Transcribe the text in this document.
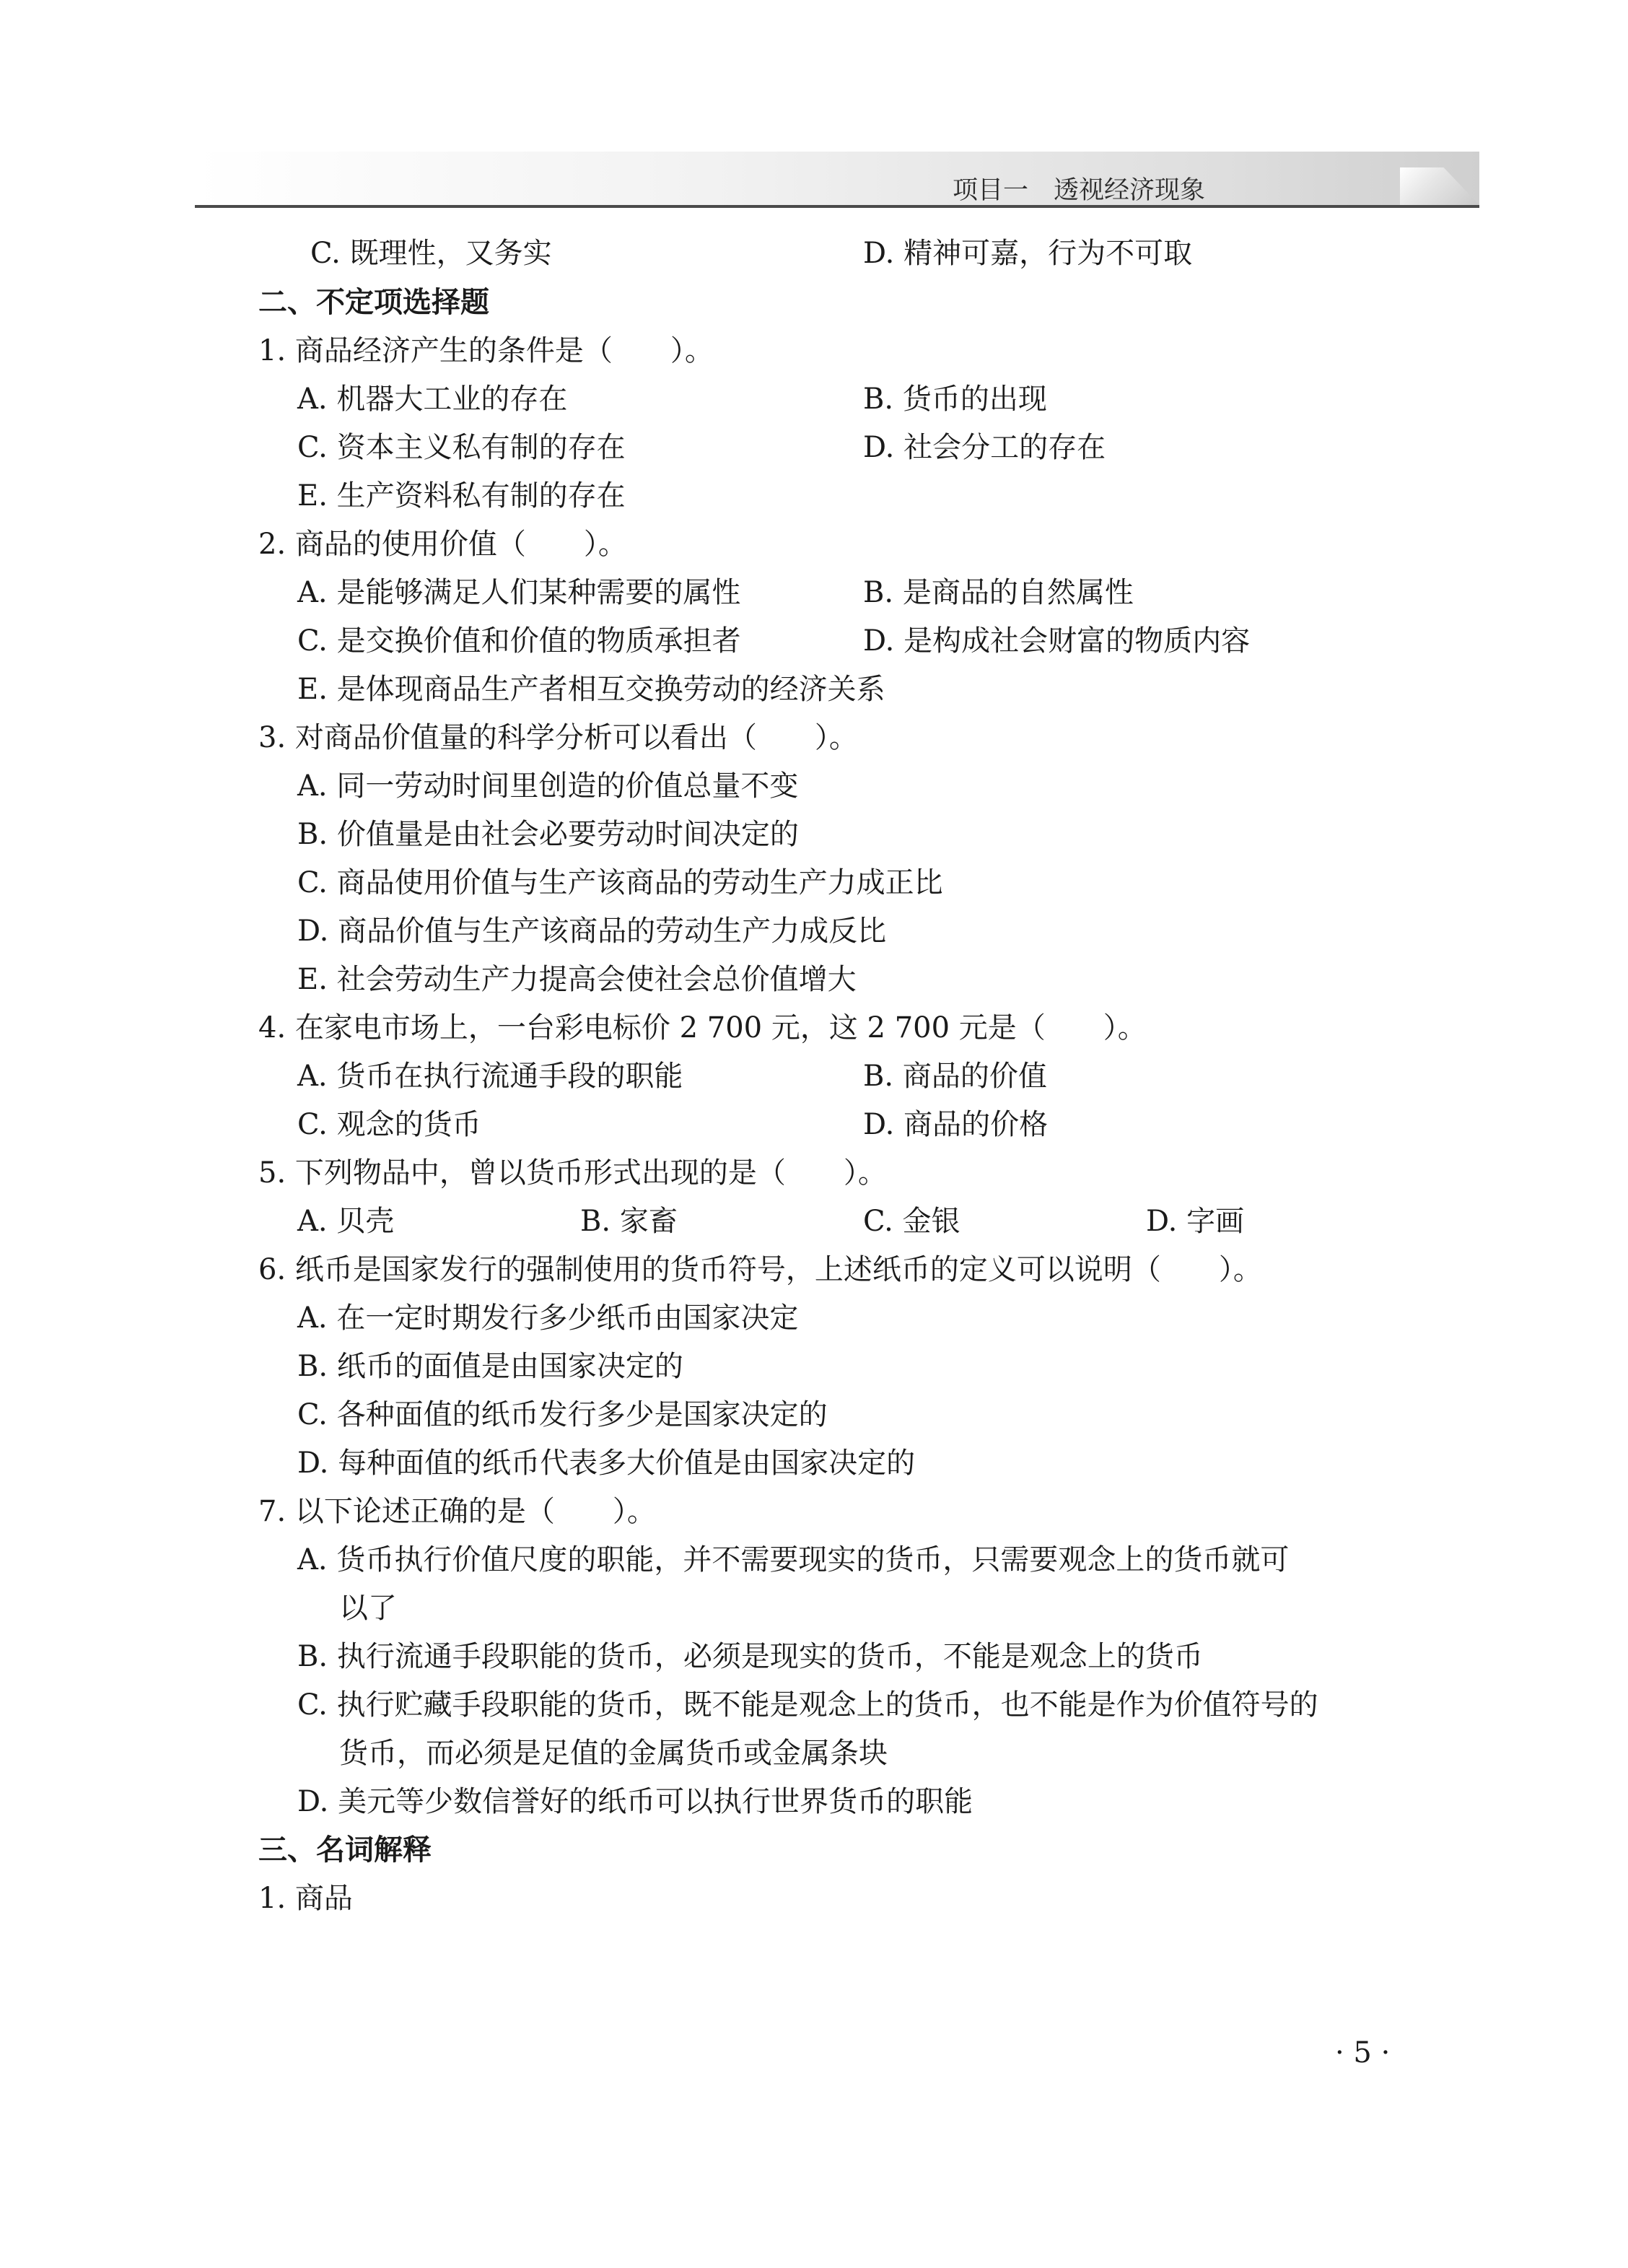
项目一　透视经济现象
C. 既理性，又务实	D. 精神可嘉，行为不可取
二、不定项选择题
1. 商品经济产生的条件是（　　）。
A. 机器大工业的存在	B. 货币的出现
C. 资本主义私有制的存在	D. 社会分工的存在
E. 生产资料私有制的存在
2. 商品的使用价值（　　）。
A. 是能够满足人们某种需要的属性	B. 是商品的自然属性
C. 是交换价值和价值的物质承担者	D. 是构成社会财富的物质内容
E. 是体现商品生产者相互交换劳动的经济关系
3. 对商品价值量的科学分析可以看出（　　）。
A. 同一劳动时间里创造的价值总量不变
B. 价值量是由社会必要劳动时间决定的
C. 商品使用价值与生产该商品的劳动生产力成正比
D. 商品价值与生产该商品的劳动生产力成反比
E. 社会劳动生产力提高会使社会总价值增大
4. 在家电市场上，一台彩电标价 2 700 元，这 2 700 元是（　　）。
A. 货币在执行流通手段的职能	B. 商品的价值
C. 观念的货币	D. 商品的价格
5. 下列物品中，曾以货币形式出现的是（　　）。
A. 贝壳	B. 家畜	C. 金银	D. 字画
6. 纸币是国家发行的强制使用的货币符号，上述纸币的定义可以说明（　　）。
A. 在一定时期发行多少纸币由国家决定
B. 纸币的面值是由国家决定的
C. 各种面值的纸币发行多少是国家决定的
D. 每种面值的纸币代表多大价值是由国家决定的
7. 以下论述正确的是（　　）。
A. 货币执行价值尺度的职能，并不需要现实的货币，只需要观念上的货币就可
以了
B. 执行流通手段职能的货币，必须是现实的货币，不能是观念上的货币
C. 执行贮藏手段职能的货币，既不能是观念上的货币，也不能是作为价值符号的
货币，而必须是足值的金属货币或金属条块
D. 美元等少数信誉好的纸币可以执行世界货币的职能
三、名词解释
1. 商品
· 5 ·
